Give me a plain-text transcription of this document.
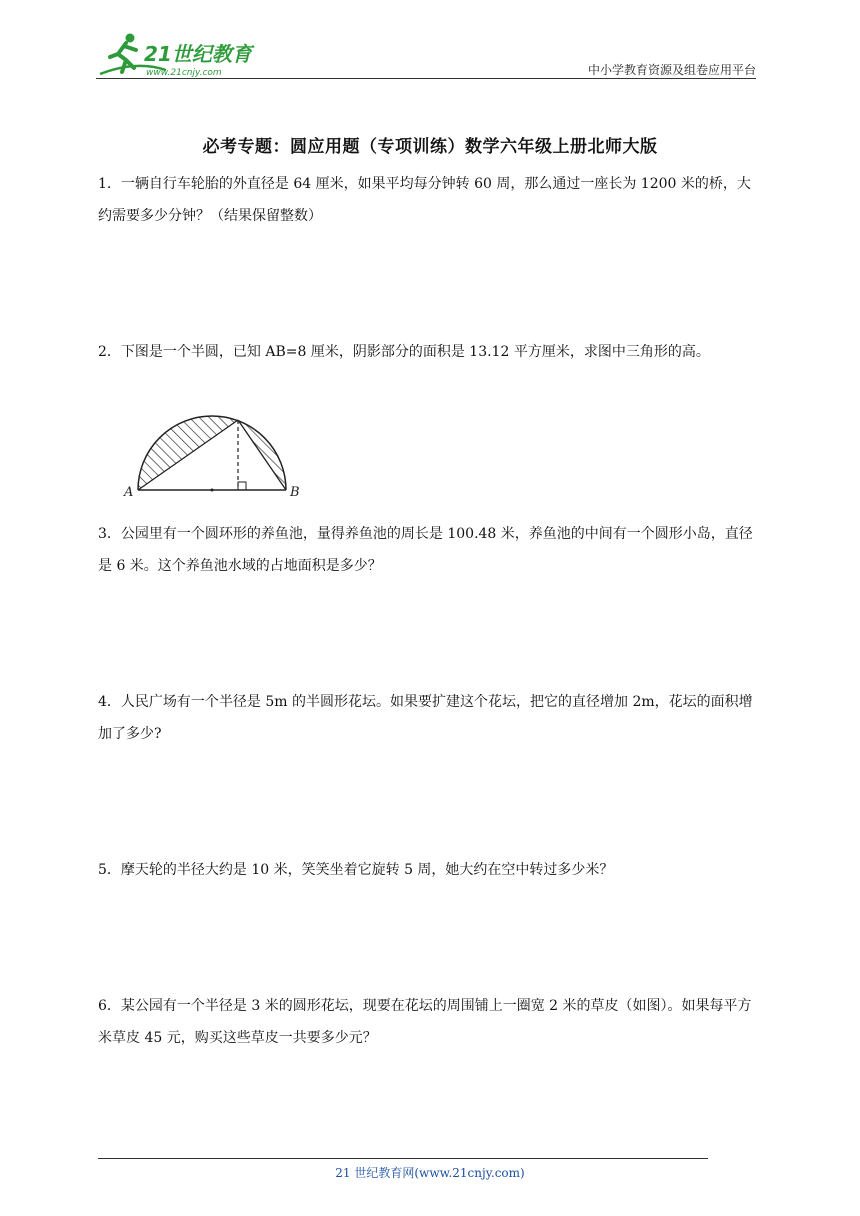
21世纪教育
www.21cnjy.com	中小学教育资源及组卷应用平台
必考专题：圆应用题（专项训练）数学六年级上册北师大版
1．一辆自行车轮胎的外直径是 64 厘米，如果平均每分钟转 60 周，那么通过一座长为 1200 米的桥，大约需要多少分钟？（结果保留整数）
2．下图是一个半圆，已知 AB=8 厘米，阴影部分的面积是 13.12 平方厘米，求图中三角形的高。
A	B
3．公园里有一个圆环形的养鱼池，量得养鱼池的周长是 100.48 米，养鱼池的中间有一个圆形小岛，直径是 6 米。这个养鱼池水域的占地面积是多少？
4．人民广场有一个半径是 5m 的半圆形花坛。如果要扩建这个花坛，把它的直径增加 2m，花坛的面积增加了多少?
5．摩天轮的半径大约是 10 米，笑笑坐着它旋转 5 周，她大约在空中转过多少米？
6．某公园有一个半径是 3 米的圆形花坛，现要在花坛的周围铺上一圈宽 2 米的草皮（如图）。如果每平方米草皮 45 元，购买这些草皮一共要多少元？
21 世纪教育网(www.21cnjy.com)
